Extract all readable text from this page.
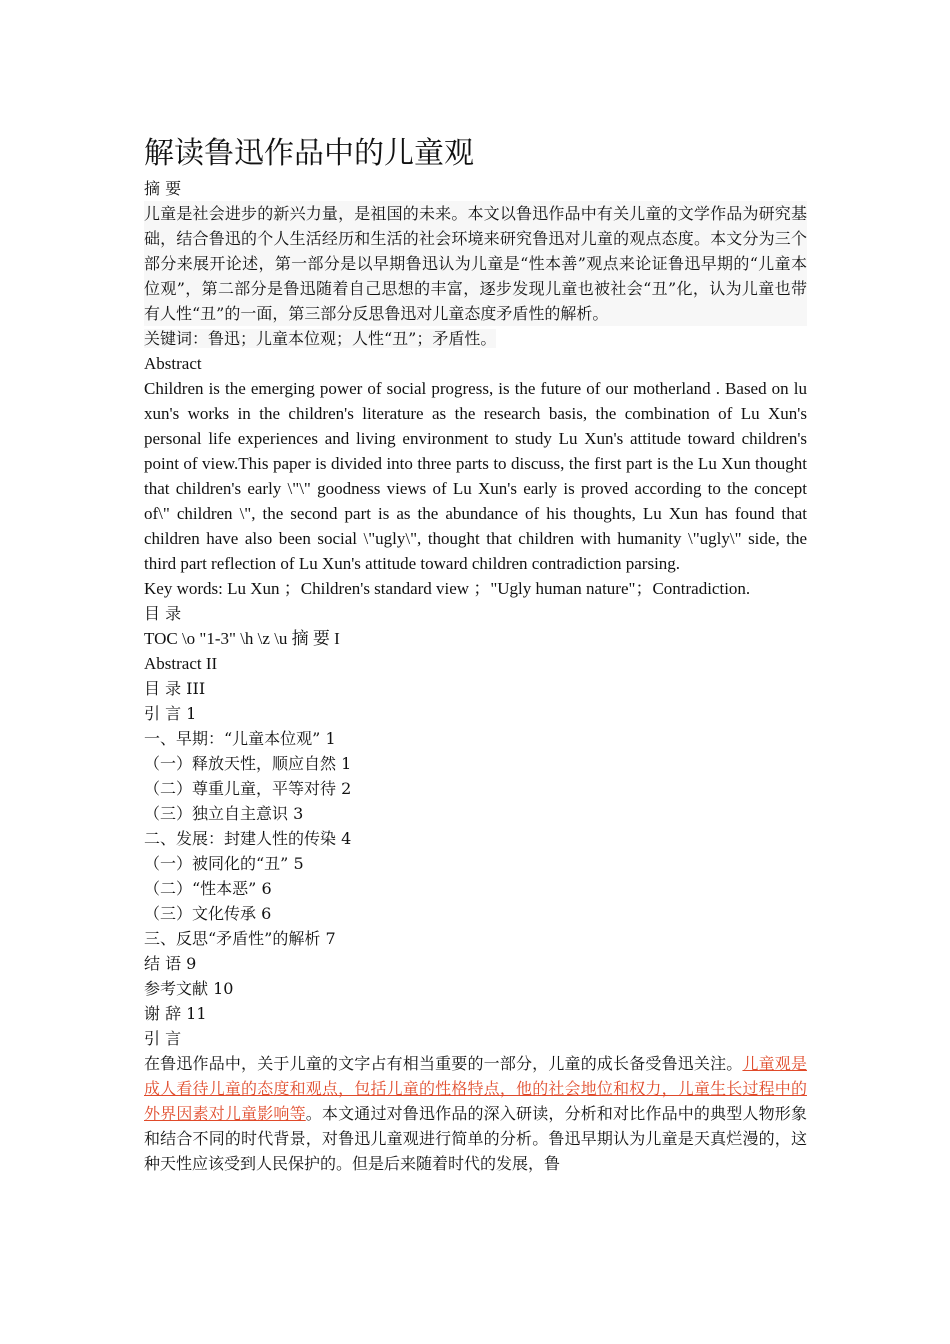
解读鲁迅作品中的儿童观

摘 要

儿童是社会进步的新兴力量，是祖国的未来。本文以鲁迅作品中有关儿童的文学作品为研究基础，结合鲁迅的个人生活经历和生活的社会环境来研究鲁迅对儿童的观点态度。本文分为三个部分来展开论述，第一部分是以早期鲁迅认为儿童是“性本善”观点来论证鲁迅早期的“儿童本位观”，第二部分是鲁迅随着自己思想的丰富，逐步发现儿童也被社会“丑”化，认为儿童也带有人性“丑”的一面，第三部分反思鲁迅对儿童态度矛盾性的解析。

关键词：鲁迅；儿童本位观；人性“丑”；矛盾性。

Abstract

Children is the emerging power of social progress, is the future of our motherland . Based on lu xun's works in the children's literature as the research basis, the combination of Lu Xun's personal life experiences and living environment to study Lu Xun's attitude toward children's point of view.This paper is divided into three parts to discuss, the first part is the Lu Xun thought that children's early \"\" goodness views of Lu Xun's early is proved according to the concept of\" children \", the second part is as the abundance of his thoughts, Lu Xun has found that children have also been social \"ugly\", thought that children with humanity \"ugly\" side, the third part reflection of Lu Xun's attitude toward children contradiction parsing.

Key words: Lu Xun ；Children's standard view ；"Ugly human nature"；Contradiction.

目 录

TOC \o "1-3" \h \z \u 摘 要 I

Abstract II

目 录 III

引 言 1

一、早期：“儿童本位观” 1

（一）释放天性，顺应自然 1

（二）尊重儿童，平等对待 2

（三）独立自主意识 3

二、发展：封建人性的传染 4

（一）被同化的“丑” 5

（二）“性本恶” 6

（三）文化传承 6

三、反思“矛盾性”的解析 7

结 语 9

参考文献 10

谢 辞 11

引 言

在鲁迅作品中，关于儿童的文字占有相当重要的一部分，儿童的成长备受鲁迅关注。儿童观是成人看待儿童的态度和观点，包括儿童的性格特点，他的社会地位和权力，儿童生长过程中的外界因素对儿童影响等。本文通过对鲁迅作品的深入研读，分析和对比作品中的典型人物形象和结合不同的时代背景，对鲁迅儿童观进行简单的分析。鲁迅早期认为儿童是天真烂漫的，这种天性应该受到人民保护的。但是后来随着时代的发展，鲁
